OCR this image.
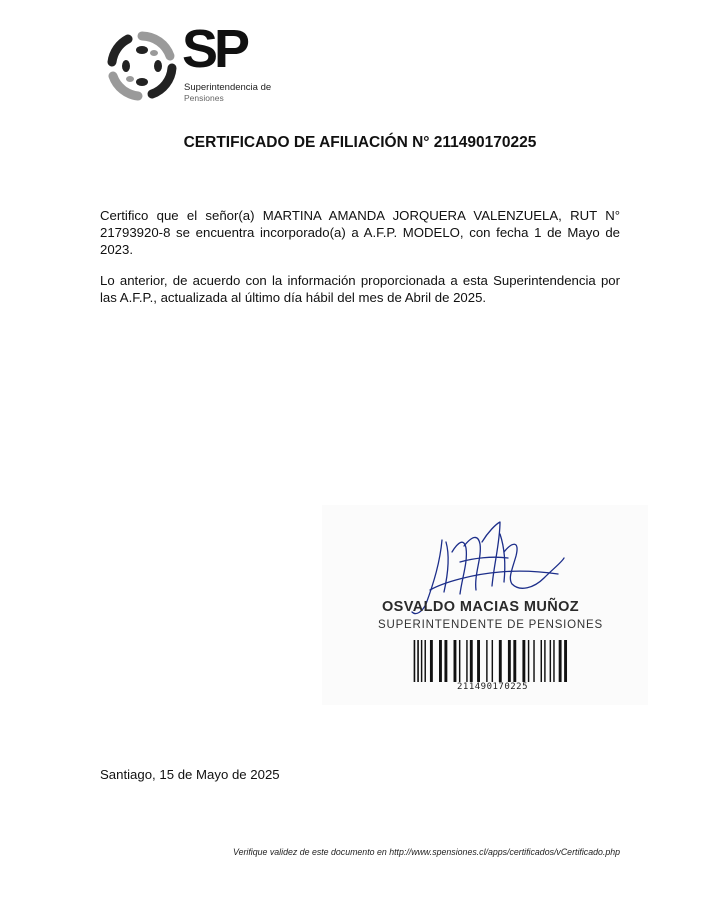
SP
Superintendencia de
Pensiones
CERTIFICADO DE AFILIACIÓN N° 211490170225
Certifico que el señor(a) MARTINA AMANDA JORQUERA VALENZUELA, RUT N° 21793920-8 se encuentra incorporado(a) a A.F.P. MODELO, con fecha 1 de Mayo de 2023.
Lo anterior, de acuerdo con la información proporcionada a esta Superintendencia por las A.F.P., actualizada al último día hábil del mes de Abril de 2025.
OSVALDO MACIAS MUÑOZ
SUPERINTENDENTE DE PENSIONES
211490170225
Santiago, 15 de Mayo de 2025
Verifique validez de este documento en http://www.spensiones.cl/apps/certificados/vCertificado.php
